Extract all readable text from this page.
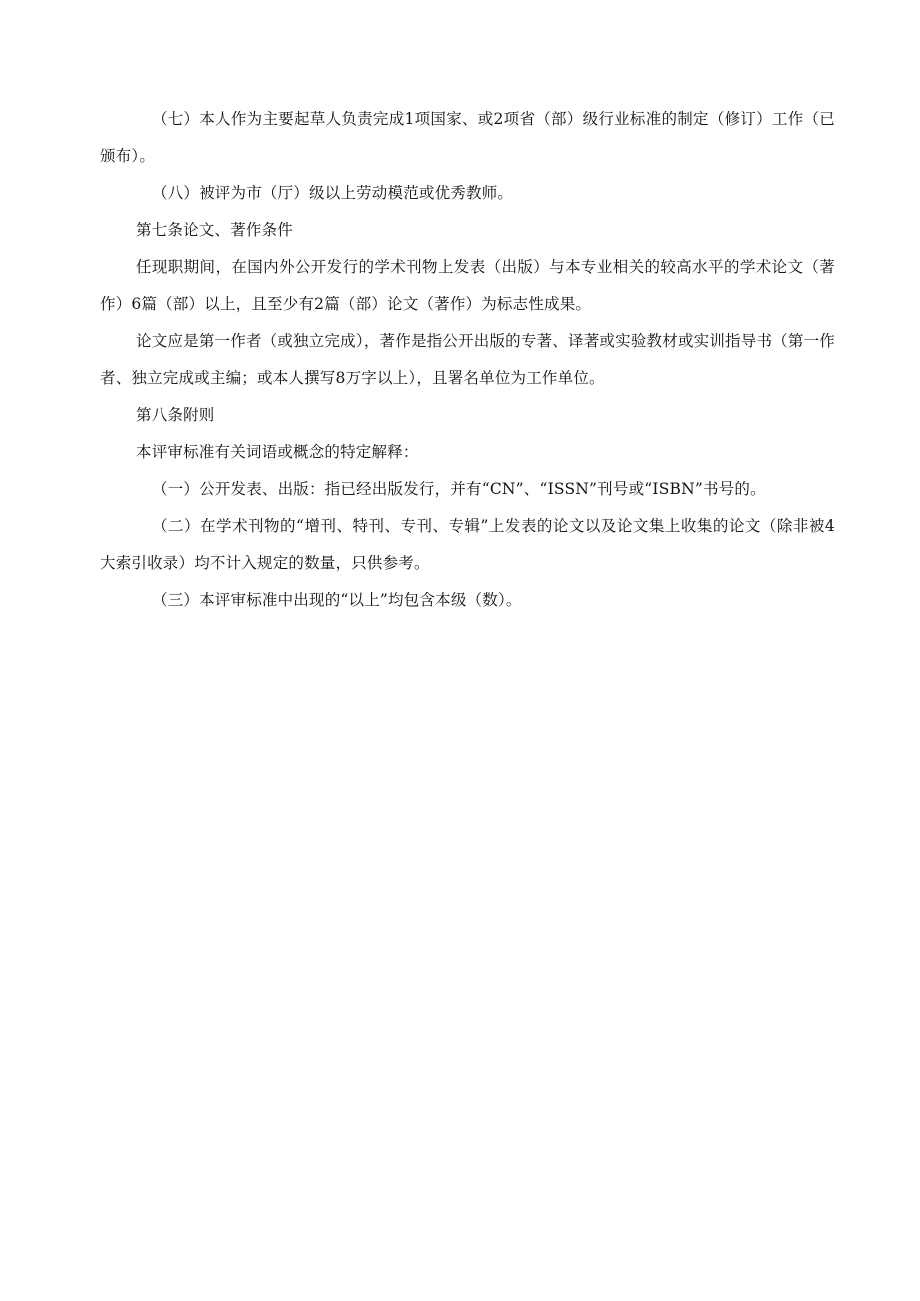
（七）本人作为主要起草人负责完成1项国家、或2项省（部）级行业标准的制定（修订）工作（已颁布）。

（八）被评为市（厅）级以上劳动模范或优秀教师。

第七条论文、著作条件

任现职期间，在国内外公开发行的学术刊物上发表（出版）与本专业相关的较高水平的学术论文（著作）6篇（部）以上，且至少有2篇（部）论文（著作）为标志性成果。

论文应是第一作者（或独立完成），著作是指公开出版的专著、译著或实验教材或实训指导书（第一作者、独立完成或主编；或本人撰写8万字以上），且署名单位为工作单位。

第八条附则

本评审标准有关词语或概念的特定解释：

（一）公开发表、出版：指已经出版发行，并有“CN”、“ISSN”刊号或“ISBN”书号的。

（二）在学术刊物的“增刊、特刊、专刊、专辑”上发表的论文以及论文集上收集的论文（除非被4大索引收录）均不计入规定的数量，只供参考。

（三）本评审标准中出现的“以上”均包含本级（数）。
